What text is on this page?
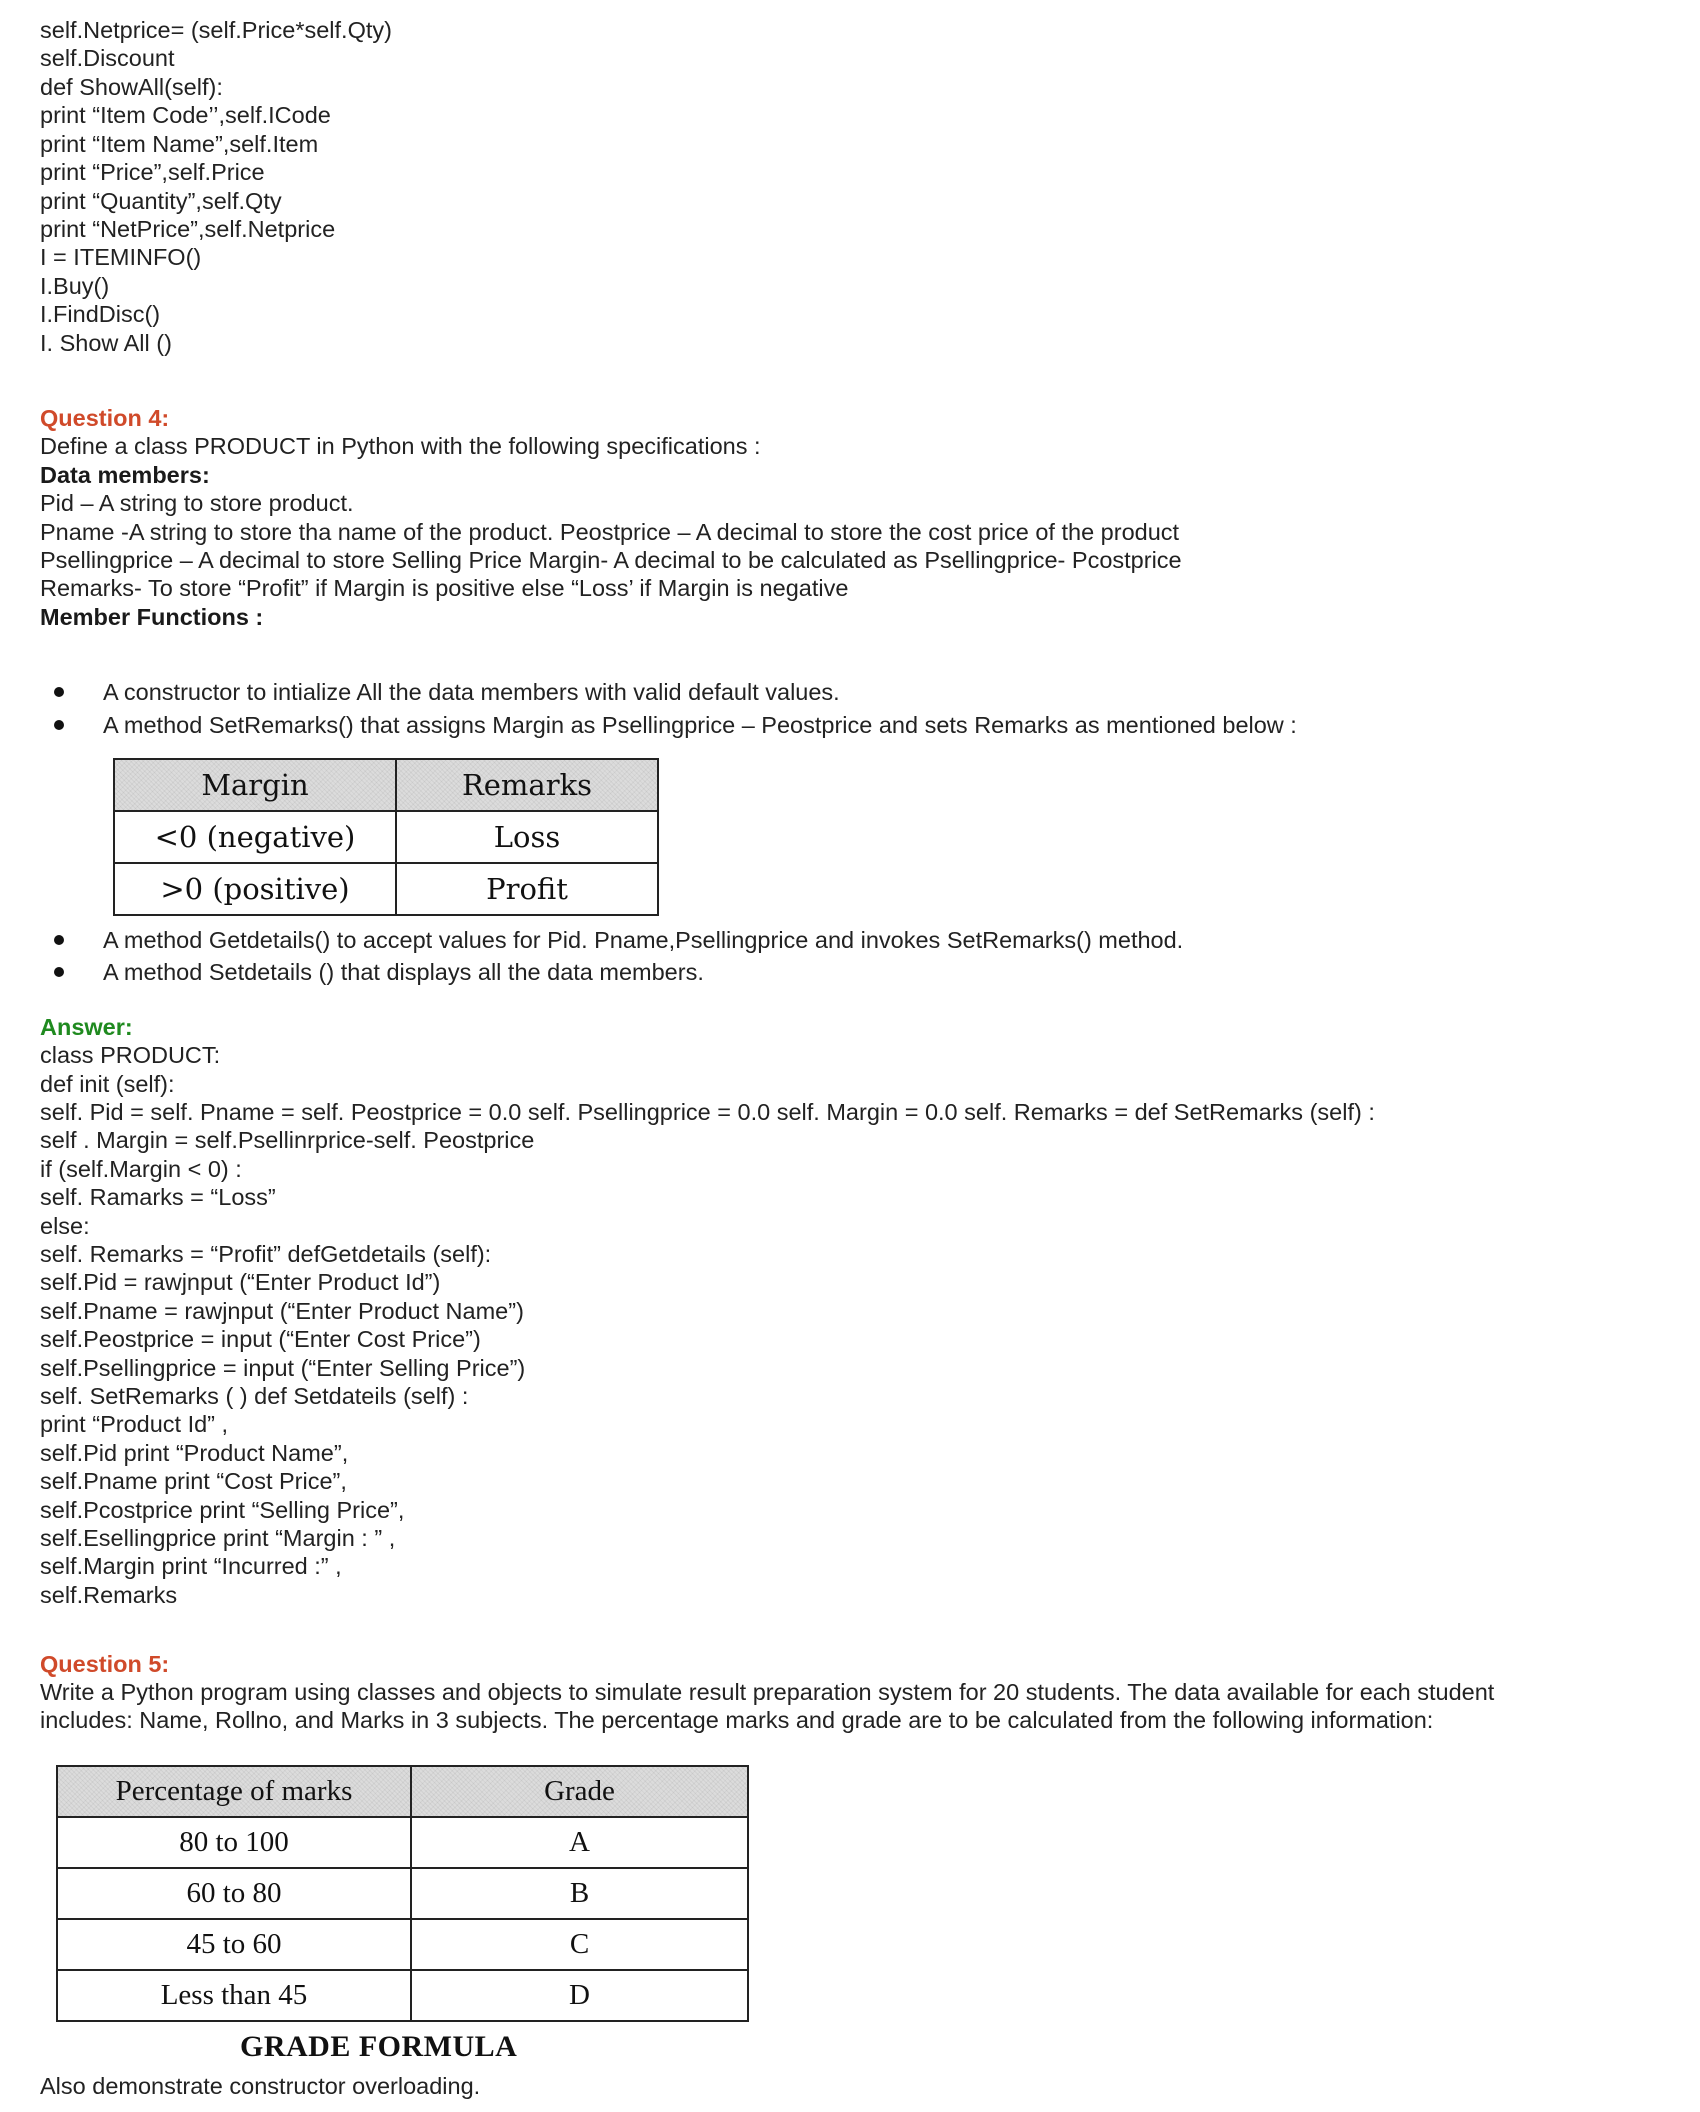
self.Netprice= (self.Price*self.Qty)
self.Discount
def ShowAll(self):
print “Item Code’’,self.ICode
print “Item Name”,self.Item
print “Price”,self.Price
print “Quantity”,self.Qty
print “NetPrice”,self.Netprice
I = ITEMINFO()
I.Buy()
I.FindDisc()
I. Show All ()
Question 4:
Define a class PRODUCT in Python with the following specifications :
Data members:
Pid – A string to store product.
Pname -A string to store tha name of the product. Peostprice – A decimal to store the cost price of the product
Psellingprice – A decimal to store Selling Price Margin- A decimal to be calculated as Psellingprice- Pcostprice
Remarks- To store “Profit” if Margin is positive else “Loss’ if Margin is negative
Member Functions :
A constructor to intialize All the data members with valid default values.
A method SetRemarks() that assigns Margin as Psellingprice – Peostprice and sets Remarks as mentioned below :
Margin	Remarks
<0 (negative)	Loss
>0 (positive)	Profit
A method Getdetails() to accept values for Pid. Pname,Psellingprice and invokes SetRemarks() method.
A method Setdetails () that displays all the data members.
Answer:
class PRODUCT:
def init (self):
self. Pid = self. Pname = self. Peostprice = 0.0 self. Psellingprice = 0.0 self. Margin = 0.0 self. Remarks = def SetRemarks (self) :
self . Margin = self.Psellinrprice-self. Peostprice
if (self.Margin < 0) :
self. Ramarks = “Loss”
else:
self. Remarks = “Profit” defGetdetails (self):
self.Pid = rawjnput (“Enter Product Id”)
self.Pname = rawjnput (“Enter Product Name”)
self.Peostprice = input (“Enter Cost Price”)
self.Psellingprice = input (“Enter Selling Price”)
self. SetRemarks ( ) def Setdateils (self) :
print “Product Id” ,
self.Pid print “Product Name”,
self.Pname print “Cost Price”,
self.Pcostprice print “Selling Price”,
self.Esellingprice print “Margin : ” ,
self.Margin print “Incurred :” ,
self.Remarks
Question 5:
Write a Python program using classes and objects to simulate result preparation system for 20 students. The data available for each student
includes: Name, Rollno, and Marks in 3 subjects. The percentage marks and grade are to be calculated from the following information:
Percentage of marks	Grade
80 to 100	A
60 to 80	B
45 to 60	C
Less than 45	D
GRADE FORMULA
Also demonstrate constructor overloading.
